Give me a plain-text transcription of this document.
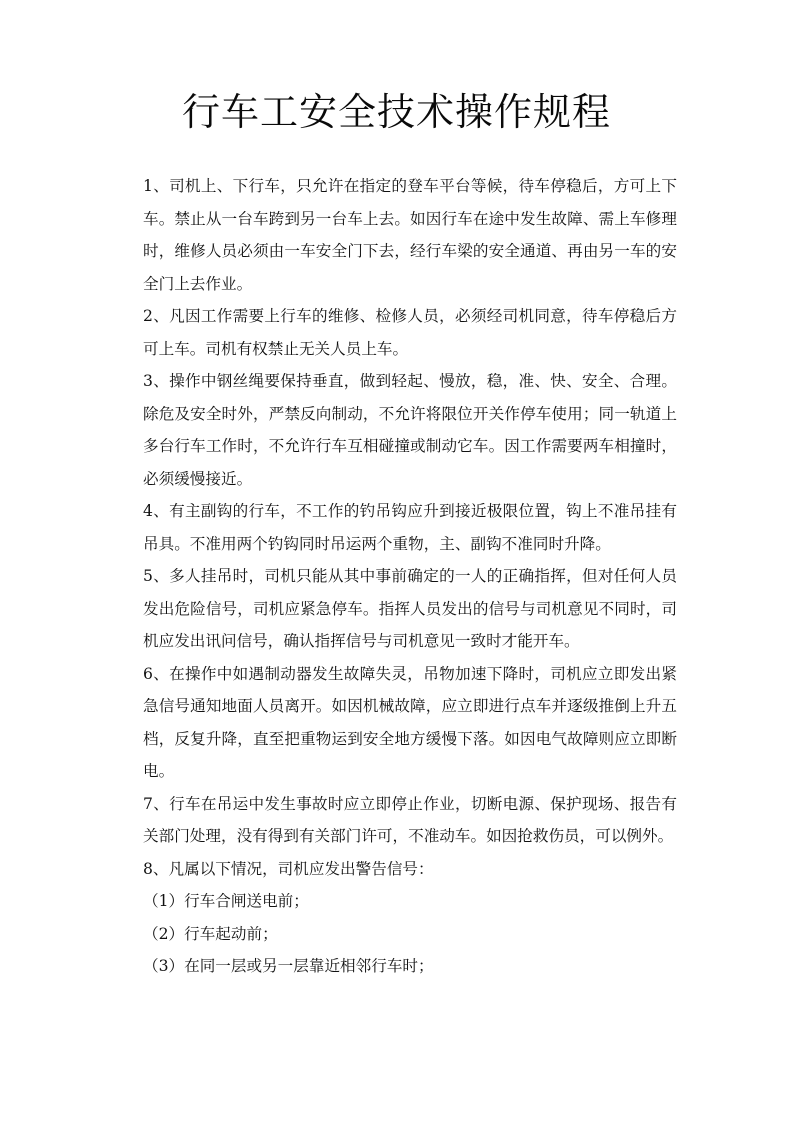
行车工安全技术操作规程

1、司机上、下行车，只允许在指定的登车平台等候，待车停稳后，方可上下车。禁止从一台车跨到另一台车上去。如因行车在途中发生故障、需上车修理时，维修人员必须由一车安全门下去，经行车梁的安全通道、再由另一车的安全门上去作业。

2、凡因工作需要上行车的维修、检修人员，必须经司机同意，待车停稳后方可上车。司机有权禁止无关人员上车。

3、操作中钢丝绳要保持垂直，做到轻起、慢放，稳，准、快、安全、合理。除危及安全时外，严禁反向制动，不允许将限位开关作停车使用；同一轨道上多台行车工作时，不允许行车互相碰撞或制动它车。因工作需要两车相撞时，必须缓慢接近。

4、有主副钩的行车，不工作的钓吊钩应升到接近极限位置，钩上不准吊挂有吊具。不准用两个钓钩同时吊运两个重物，主、副钩不准同时升降。

5、多人挂吊时，司机只能从其中事前确定的一人的正确指挥，但对任何人员发出危险信号，司机应紧急停车。指挥人员发出的信号与司机意见不同时，司机应发出讯问信号，确认指挥信号与司机意见一致时才能开车。

6、在操作中如遇制动器发生故障失灵，吊物加速下降时，司机应立即发出紧急信号通知地面人员离开。如因机械故障，应立即进行点车并逐级推倒上升五档，反复升降，直至把重物运到安全地方缓慢下落。如因电气故障则应立即断电。

7、行车在吊运中发生事故时应立即停止作业，切断电源、保护现场、报告有关部门处理，没有得到有关部门许可，不准动车。如因抢救伤员，可以例外。

8、凡属以下情况，司机应发出警告信号：

（1）行车合闸送电前；

（2）行车起动前；

（3）在同一层或另一层靠近相邻行车时；
